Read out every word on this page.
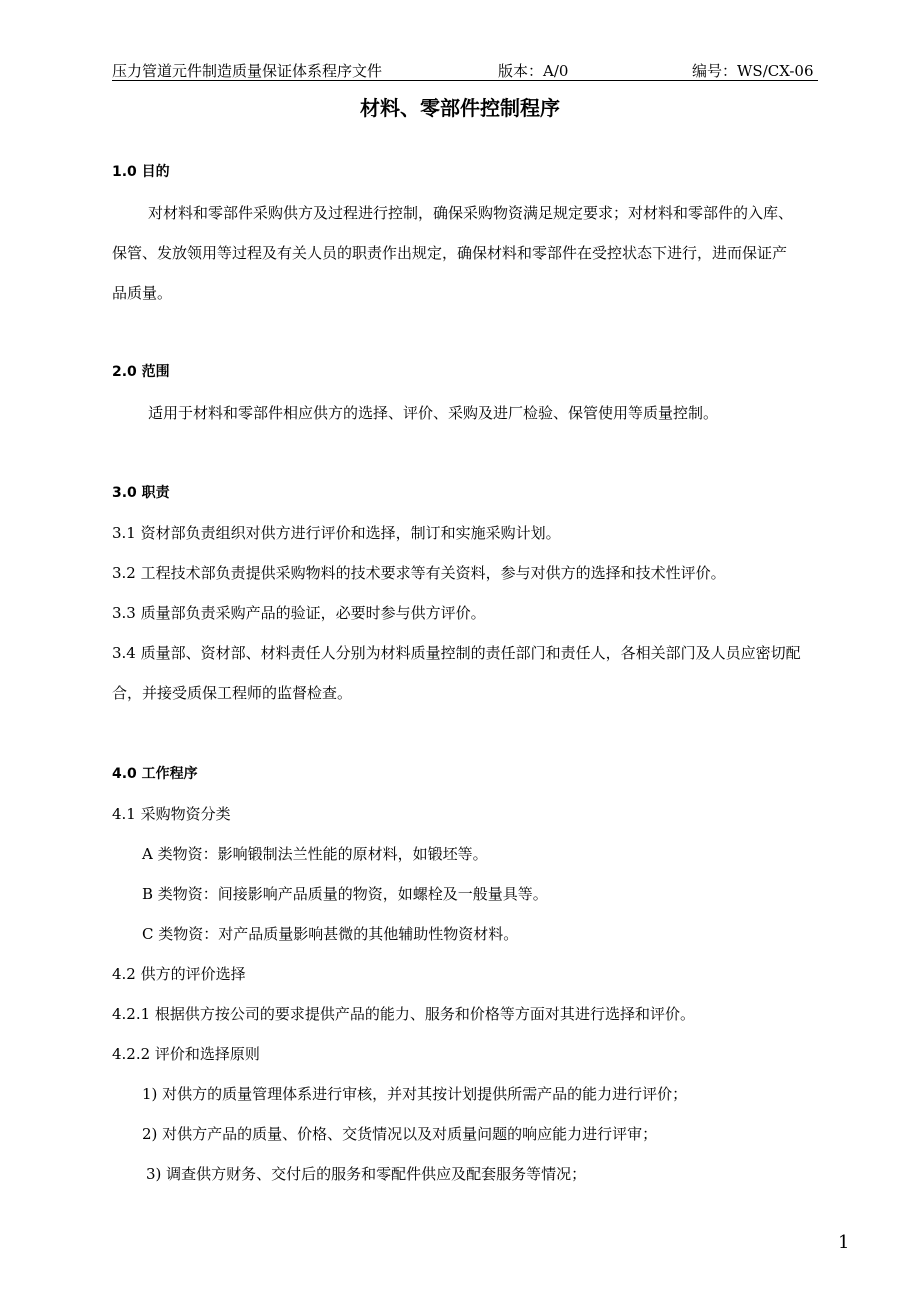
压力管道元件制造质量保证体系程序文件	版本：A/0	编号：WS/CX-06
材料、零部件控制程序
1.0 目的
对材料和零部件采购供方及过程进行控制，确保采购物资满足规定要求；对材料和零部件的入库、
保管、发放领用等过程及有关人员的职责作出规定，确保材料和零部件在受控状态下进行，进而保证产
品质量。
2.0 范围
适用于材料和零部件相应供方的选择、评价、采购及进厂检验、保管使用等质量控制。
3.0 职责
3.1 资材部负责组织对供方进行评价和选择，制订和实施采购计划。
3.2 工程技术部负责提供采购物料的技术要求等有关资料，参与对供方的选择和技术性评价。
3.3 质量部负责采购产品的验证，必要时参与供方评价。
3.4 质量部、资材部、材料责任人分别为材料质量控制的责任部门和责任人，各相关部门及人员应密切配
合，并接受质保工程师的监督检查。
4.0 工作程序
4.1 采购物资分类
A 类物资：影响锻制法兰性能的原材料，如锻坯等。
B 类物资：间接影响产品质量的物资，如螺栓及一般量具等。
C 类物资：对产品质量影响甚微的其他辅助性物资材料。
4.2 供方的评价选择
4.2.1 根据供方按公司的要求提供产品的能力、服务和价格等方面对其进行选择和评价。
4.2.2 评价和选择原则
1) 对供方的质量管理体系进行审核，并对其按计划提供所需产品的能力进行评价；
2) 对供方产品的质量、价格、交货情况以及对质量问题的响应能力进行评审；
3) 调查供方财务、交付后的服务和零配件供应及配套服务等情况；
1
